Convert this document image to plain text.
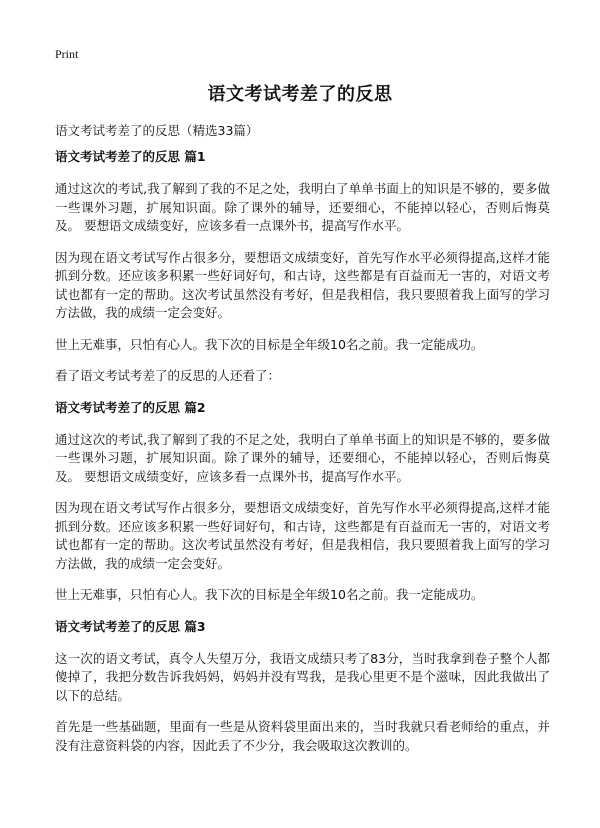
Print
语文考试考差了的反思

语文考试考差了的反思（精选33篇）

语文考试考差了的反思 篇1

通过这次的考试,我了解到了我的不足之处，我明白了单单书面上的知识是不够的，要多做一些课外习题，扩展知识面。除了课外的辅导，还要细心，不能掉以轻心，否则后悔莫及。 要想语文成绩变好，应该多看一点课外书，提高写作水平。

因为现在语文考试写作占很多分，要想语文成绩变好，首先写作水平必须得提高,这样才能抓到分数。还应该多积累一些好词好句，和古诗，这些都是有百益而无一害的，对语文考试也都有一定的帮助。这次考试虽然没有考好，但是我相信，我只要照着我上面写的学习方法做，我的成绩一定会变好。

世上无难事，只怕有心人。我下次的目标是全年级10名之前。我一定能成功。

看了语文考试考差了的反思的人还看了：

语文考试考差了的反思 篇2

通过这次的考试,我了解到了我的不足之处，我明白了单单书面上的知识是不够的，要多做一些课外习题，扩展知识面。除了课外的辅导，还要细心，不能掉以轻心，否则后悔莫及。 要想语文成绩变好，应该多看一点课外书，提高写作水平。

因为现在语文考试写作占很多分，要想语文成绩变好，首先写作水平必须得提高,这样才能抓到分数。还应该多积累一些好词好句，和古诗，这些都是有百益而无一害的，对语文考试也都有一定的帮助。这次考试虽然没有考好，但是我相信，我只要照着我上面写的学习方法做，我的成绩一定会变好。

世上无难事，只怕有心人。我下次的目标是全年级10名之前。我一定能成功。

语文考试考差了的反思 篇3

这一次的语文考试，真令人失望万分，我语文成绩只考了83分，当时我拿到卷子整个人都傻掉了，我把分数告诉我妈妈，妈妈并没有骂我，是我心里更不是个滋味，因此我做出了以下的总结。

首先是一些基础题，里面有一些是从资料袋里面出来的，当时我就只看老师给的重点，并没有注意资料袋的内容，因此丢了不少分，我会吸取这次教训的。
